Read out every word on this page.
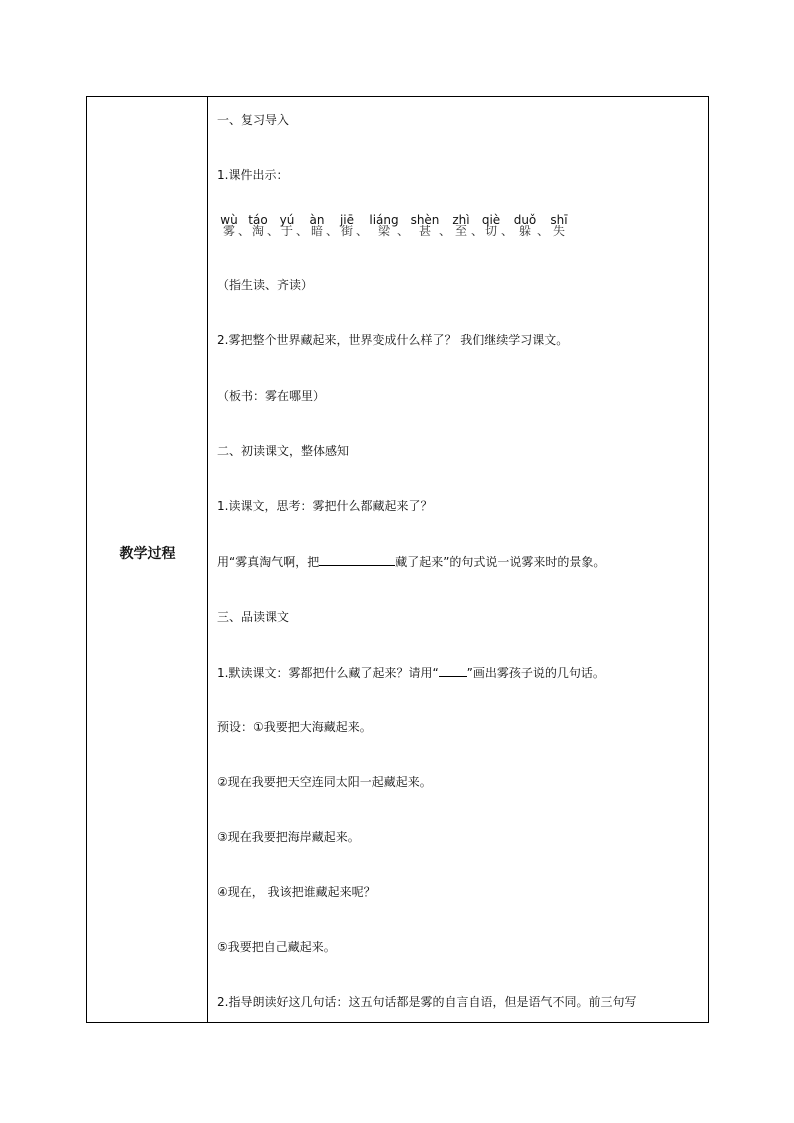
教学过程
一、复习导入
1.课件出示：
wù
雾 、
táo
淘 、
yú
于 、
àn
暗 、
jiē
街 、
liáng
梁 、
shèn
甚 、
zhì
至 、
qiè
切 、
duǒ
躲 、
shī
失
（指生读、齐读）
2.雾把整个世界藏起来，世界变成什么样了？ 我们继续学习课文。
（板书：雾在哪里）
二、初读课文，整体感知
1.读课文，思考：雾把什么都藏起来了？
用“雾真淘气啊，把	藏了起来”的句式说一说雾来时的景象。
三、品读课文
1.默读课文：雾都把什么藏了起来？请用“ ”画出雾孩子说的几句话。
预设：①我要把大海藏起来。
②现在我要把天空连同太阳一起藏起来。
③现在我要把海岸藏起来。
④现在， 我该把谁藏起来呢？
⑤我要把自己藏起来。
2.指导朗读好这几句话：这五句话都是雾的自言自语，但是语气不同。前三句写
